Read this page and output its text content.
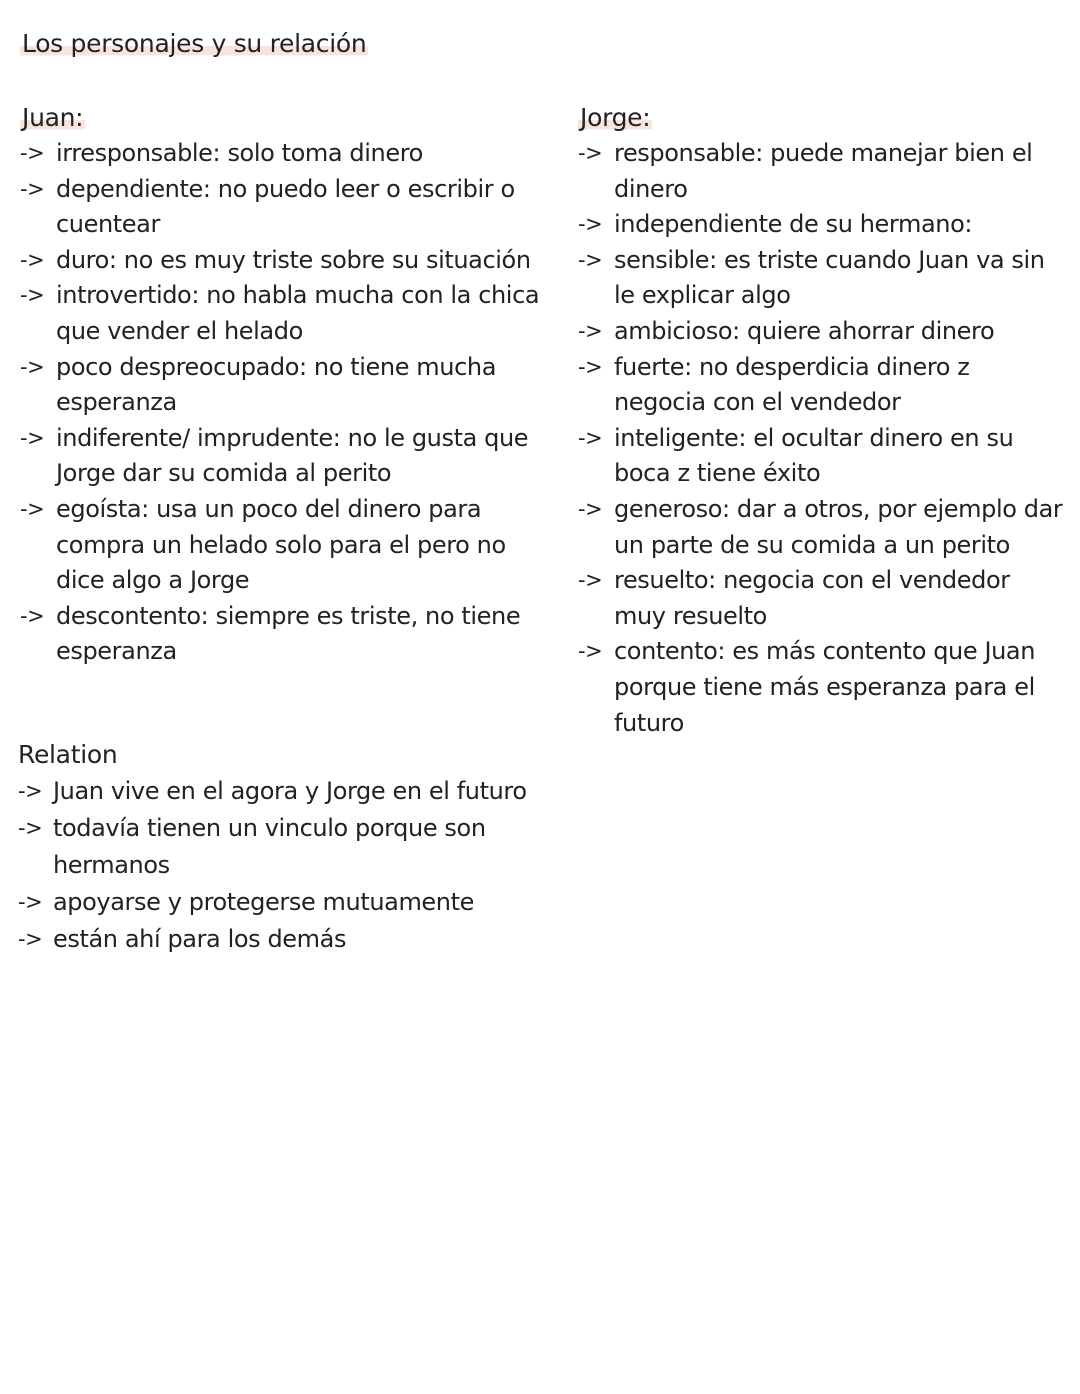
Los personajes y su relación
Juan:
-> irresponsable: solo toma dinero
-> dependiente: no puedo leer o escribir o cuentear
-> duro: no es muy triste sobre su situación
-> introvertido: no habla mucha con la chica que vender el helado
-> poco despreocupado: no tiene mucha esperanza
-> indiferente/ imprudente: no le gusta que Jorge dar su comida al perito
-> egoísta: usa un poco del dinero para compra un helado solo para el pero no dice algo a Jorge
-> descontento: siempre es triste, no tiene esperanza
Jorge:
-> responsable: puede manejar bien el dinero
-> independiente de su hermano:
-> sensible: es triste cuando Juan va sin le explicar algo
-> ambicioso: quiere ahorrar dinero
-> fuerte: no desperdicia dinero z negocia con el vendedor
-> inteligente: el ocultar dinero en su boca z tiene éxito
-> generoso: dar a otros, por ejemplo dar un parte de su comida a un perito
-> resuelto: negocia con el vendedor muy resuelto
-> contento: es más contento que Juan porque tiene más esperanza para el futuro
Relation
-> Juan vive en el agora y Jorge en el futuro
-> todavía tienen un vinculo porque son hermanos
-> apoyarse y protegerse mutuamente
-> están ahí para los demás
